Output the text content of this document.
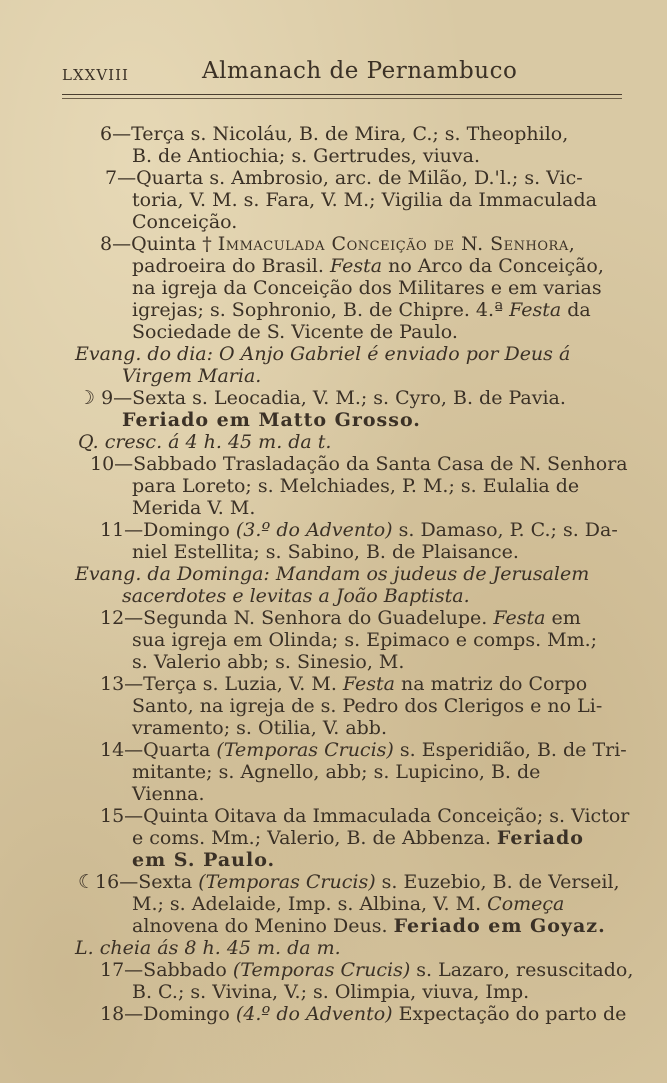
LXXVIII	Almanach de Pernambuco
6—Terça s. Nicoláu, B. de Mira, C.; s. Theophilo,
B. de Antiochia; s. Gertrudes, viuva.
7—Quarta s. Ambrosio, arc. de Milão, D.'l.; s. Vic-
toria, V. M. s. Fara, V. M.; Vigilia da Immaculada
Conceição.
8—Quinta † Immaculada Conceição de N. Senhora,
padroeira do Brasil. Festa no Arco da Conceição,
na igreja da Conceição dos Militares e em varias
igrejas; s. Sophronio, B. de Chipre. 4.ª Festa da
Sociedade de S. Vicente de Paulo.
Evang. do dia: O Anjo Gabriel é enviado por Deus á
Virgem Maria.
☽ 9—Sexta s. Leocadia, V. M.; s. Cyro, B. de Pavia.
Feriado em Matto Grosso.
Q. cresc. á 4 h. 45 m. da t.
10—Sabbado Trasladação da Santa Casa de N. Senhora
para Loreto; s. Melchiades, P. M.; s. Eulalia de
Merida V. M.
11—Domingo (3.º do Advento) s. Damaso, P. C.; s. Da-
niel Estellita; s. Sabino, B. de Plaisance.
Evang. da Dominga: Mandam os judeus de Jerusalem
sacerdotes e levitas a João Baptista.
12—Segunda N. Senhora do Guadelupe. Festa em
sua igreja em Olinda; s. Epimaco e comps. Mm.;
s. Valerio abb; s. Sinesio, M.
13—Terça s. Luzia, V. M. Festa na matriz do Corpo
Santo, na igreja de s. Pedro dos Clerigos e no Li-
vramento; s. Otilia, V. abb.
14—Quarta (Temporas Crucis) s. Esperidião, B. de Tri-
mitante; s. Agnello, abb; s. Lupicino, B. de
Vienna.
15—Quinta Oitava da Immaculada Conceição; s. Victor
e coms. Mm.; Valerio, B. de Abbenza. Feriado
em S. Paulo.
☾16—Sexta (Temporas Crucis) s. Euzebio, B. de Verseil,
M.; s. Adelaide, Imp. s. Albina, V. M. Começa
alnovena do Menino Deus. Feriado em Goyaz.
L. cheia ás 8 h. 45 m. da m.
17—Sabbado (Temporas Crucis) s. Lazaro, resuscitado,
B. C.; s. Vivina, V.; s. Olimpia, viuva, Imp.
18—Domingo (4.º do Advento) Expectação do parto de
